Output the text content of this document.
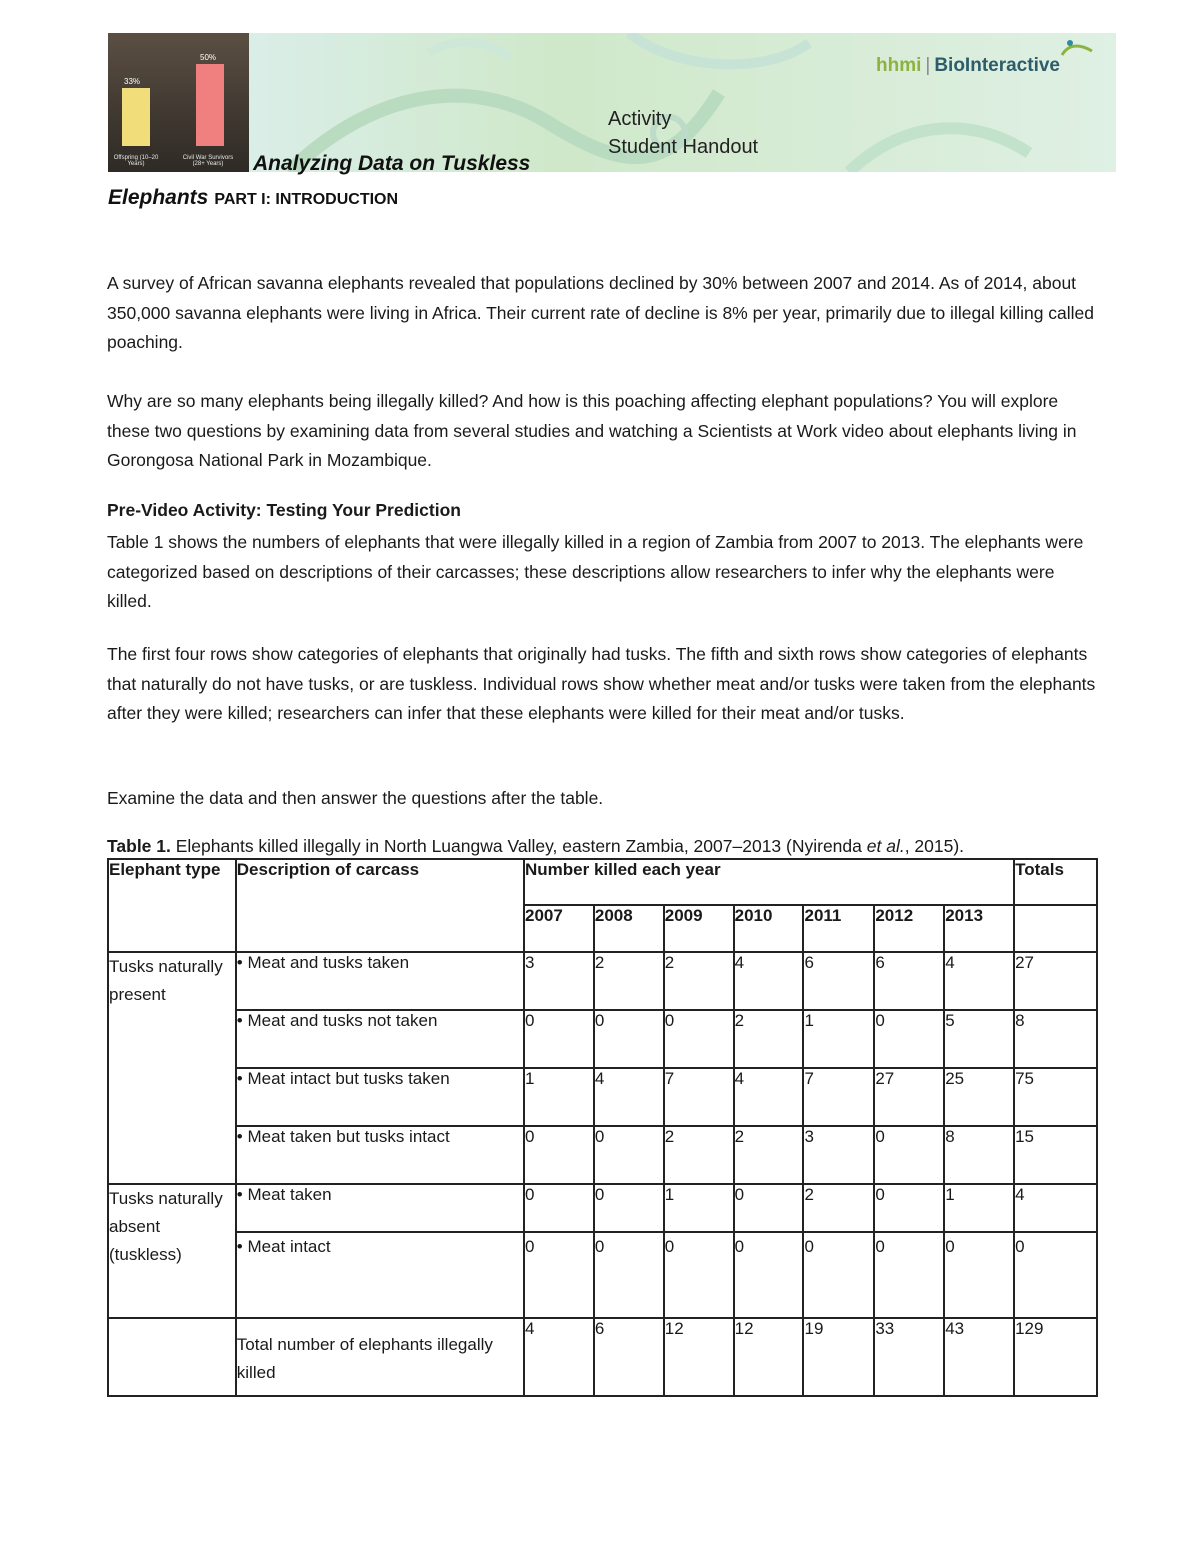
33%
50%
Offspring (10–20 Years)
Civil War Survivors (28+ Years)
hhmi | BioInteractive
Activity
Student Handout
Analyzing Data on Tuskless
Elephants PART I: INTRODUCTION

A survey of African savanna elephants revealed that populations declined by 30% between 2007 and 2014. As of 2014, about 350,000 savanna elephants were living in Africa. Their current rate of decline is 8% per year, primarily due to illegal killing called poaching.

Why are so many elephants being illegally killed? And how is this poaching affecting elephant populations? You will explore these two questions by examining data from several studies and watching a Scientists at Work video about elephants living in Gorongosa National Park in Mozambique.

Pre-Video Activity: Testing Your Prediction

Table 1 shows the numbers of elephants that were illegally killed in a region of Zambia from 2007 to 2013. The elephants were categorized based on descriptions of their carcasses; these descriptions allow researchers to infer why the elephants were killed.

The first four rows show categories of elephants that originally had tusks. The fifth and sixth rows show categories of elephants that naturally do not have tusks, or are tuskless. Individual rows show whether meat and/or tusks were taken from the elephants after they were killed; researchers can infer that these elephants were killed for their meat and/or tusks.

Examine the data and then answer the questions after the table.

Table 1. Elephants killed illegally in North Luangwa Valley, eastern Zambia, 2007–2013 (Nyirenda et al., 2015).
Elephant type	Description of carcass	Number killed each year							Totals
		2007	2008	2009	2010	2011	2012	2013	
Tusks naturally present	• Meat and tusks taken	3	2	2	4	6	6	4	27
	• Meat and tusks not taken	0	0	0	2	1	0	5	8
	• Meat intact but tusks taken	1	4	7	4	7	27	25	75
	• Meat taken but tusks intact	0	0	2	2	3	0	8	15
Tusks naturally absent (tuskless)	• Meat taken	0	0	1	0	2	0	1	4
	• Meat intact	0	0	0	0	0	0	0	0
	Total number of elephants illegally killed	4	6	12	12	19	33	43	129
